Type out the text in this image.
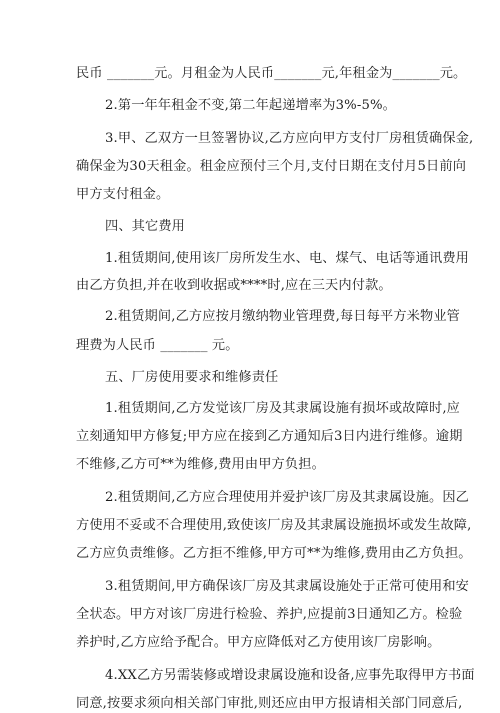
民币 _______元。月租金为人民币_______元,年租金为_______元。
2.第一年年租金不变,第二年起递增率为3%-5%。
3.甲、乙双方一旦签署协议,乙方应向甲方支付厂房租赁确保金,
确保金为30天租金。租金应预付三个月,支付日期在支付月5日前向
甲方支付租金。
四、其它费用
1.租赁期间,使用该厂房所发生水、电、煤气、电话等通讯费用
由乙方负担,并在收到收据或****时,应在三天内付款。
2.租赁期间,乙方应按月缴纳物业管理费,每日每平方米物业管
理费为人民币 _______ 元。
五、厂房使用要求和维修责任
1.租赁期间,乙方发觉该厂房及其隶属设施有损坏或故障时,应
立刻通知甲方修复;甲方应在接到乙方通知后3日内进行维修。逾期
不维修,乙方可**为维修,费用由甲方负担。
2.租赁期间,乙方应合理使用并爱护该厂房及其隶属设施。因乙
方使用不妥或不合理使用,致使该厂房及其隶属设施损坏或发生故障,
乙方应负责维修。乙方拒不维修,甲方可**为维修,费用由乙方负担。
3.租赁期间,甲方确保该厂房及其隶属设施处于正常可使用和安
全状态。甲方对该厂房进行检验、养护,应提前3日通知乙方。检验
养护时,乙方应给予配合。甲方应降低对乙方使用该厂房影响。
4.XX乙方另需装修或增设隶属设施和设备,应事先取得甲方书面
同意,按要求须向相关部门审批,则还应由甲方报请相关部门同意后,
